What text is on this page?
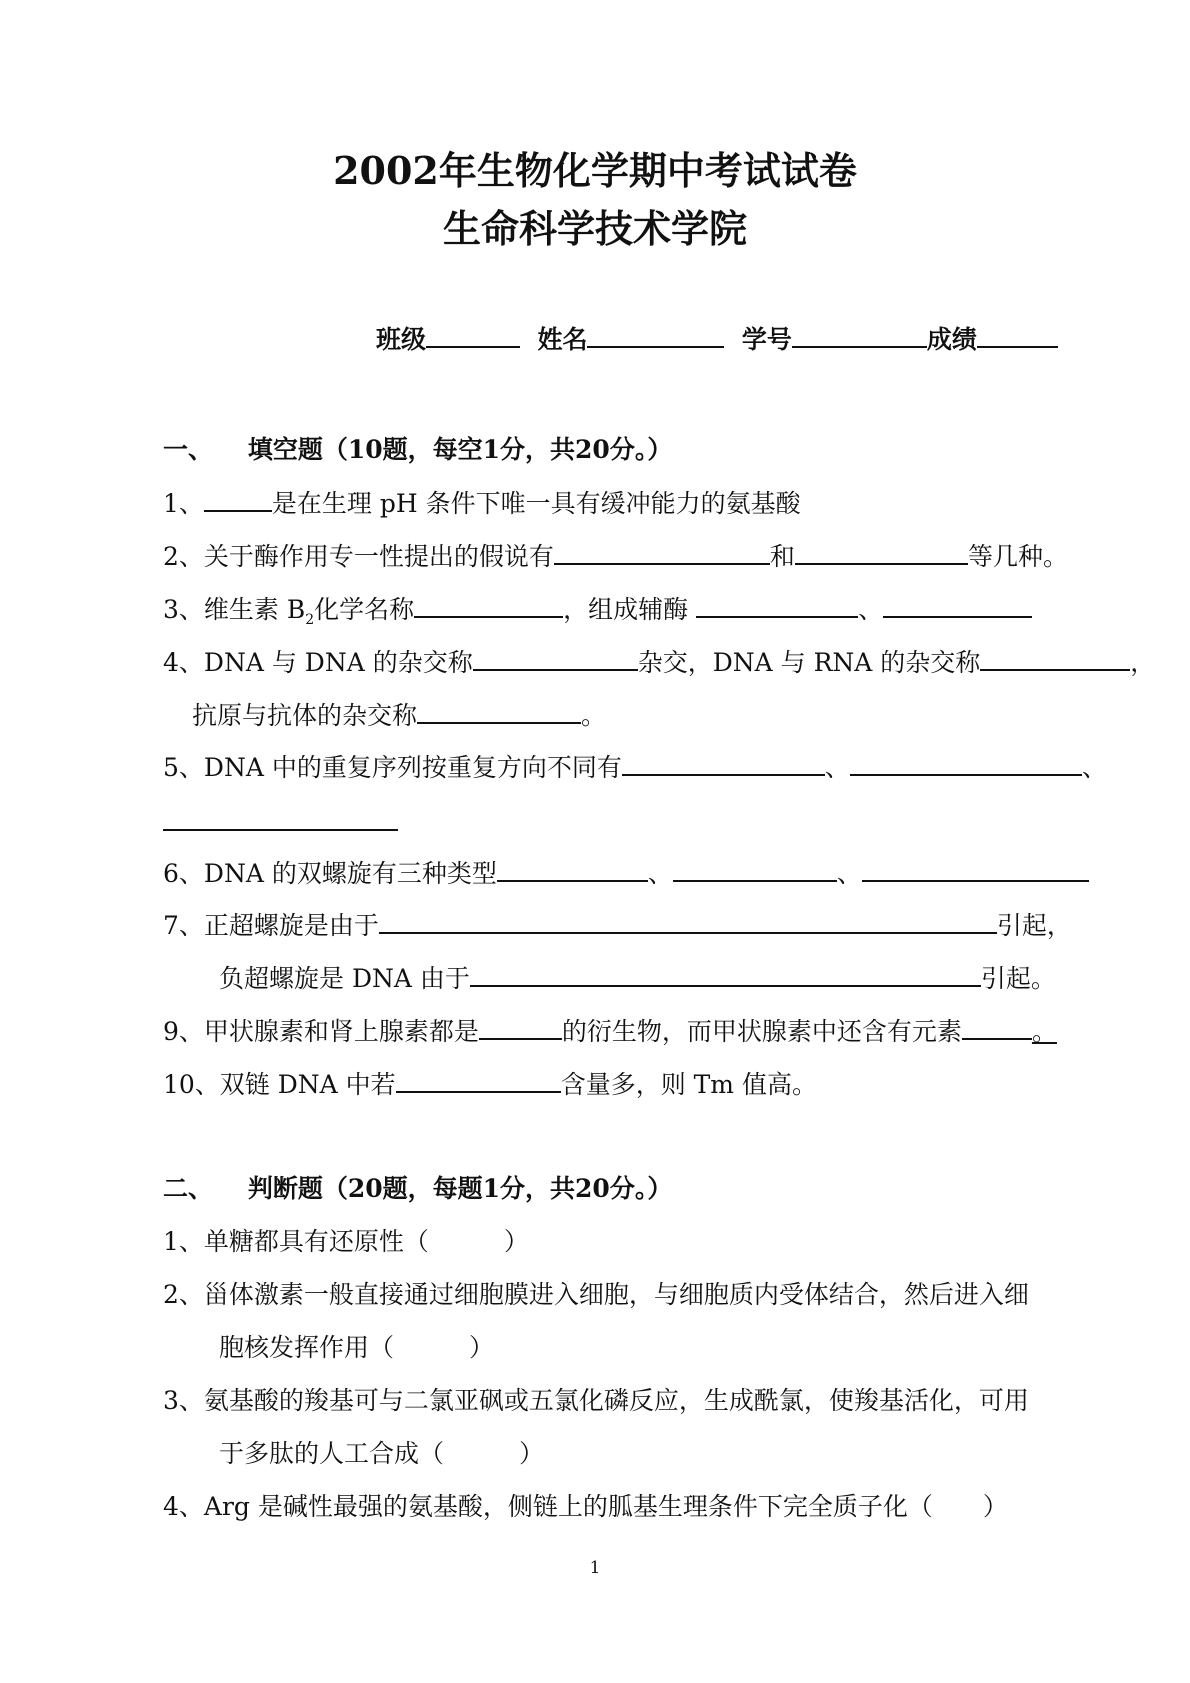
2002年生物化学期中考试试卷
生命科学技术学院
班级	姓名	学号	成绩
一、 填空题（10题，每空1分，共20分。）
1、	是在生理 pH 条件下唯一具有缓冲能力的氨基酸
2、关于酶作用专一性提出的假说有	和	等几种。
3、维生素 $B_2$化学名称	，组成辅酶	、
4、DNA 与 DNA 的杂交称	杂交，DNA 与 RNA 的杂交称	，
抗原与抗体的杂交称	。
5、DNA 中的重复序列按重复方向不同有	、	、
6、DNA 的双螺旋有三种类型	、	、
7、正超螺旋是由于	引起，
负超螺旋是 DNA 由于	引起。
9、甲状腺素和肾上腺素都是	的衍生物，而甲状腺素中还含有元素	。
10、双链 DNA 中若	含量多，则 Tm 值高。
二、 判断题（20题，每题1分，共20分。）
1、单糖都具有还原性（　　　）
2、甾体激素一般直接通过细胞膜进入细胞，与细胞质内受体结合，然后进入细
胞核发挥作用（　　　）
3、氨基酸的羧基可与二氯亚砜或五氯化磷反应，生成酰氯，使羧基活化，可用
于多肽的人工合成（　　　）
4、Arg 是碱性最强的氨基酸，侧链上的胍基生理条件下完全质子化（　　）
1
